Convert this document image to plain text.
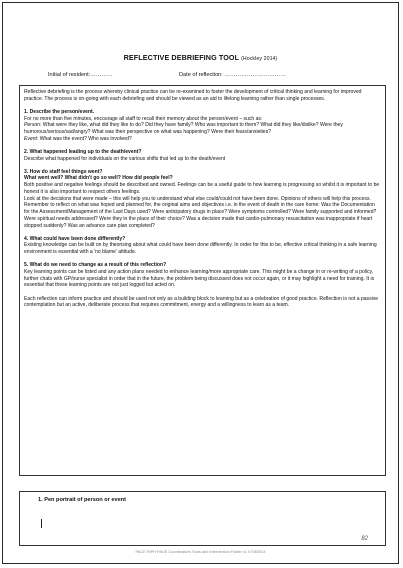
REFLECTIVE DEBRIEFING TOOL (Hockley 2014)
Initial of resident:…………	Date of reflection: ……………………………

Reflective debriefing is the process whereby clinical practice can be re-examined to foster the development of critical thinking and learning for improved practice. The process is on-going with each debriefing and should be viewed as an aid to lifelong learning rather than single processes.

1. Describe the person/event.
For no more than five minutes, encourage all staff to recall their memory about the person/event – such as:
Person: What were they like, what did they like to do? Did they have family? Who was important to them? What did they like/dislike? Were they humorous/serious/sad/angry? What was their perspective on what was happening? Were their fears/anxieties?
Event: What was the event? Who was involved?

2. What happened leading up to the death/event?
Describe what happened for individuals on the various shifts that led up to the death/event

3. How do staff feel things went?
What went well? What didn't go so well? How did people feel?
Both positive and negative feelings should be described and owned. Feelings can be a useful guide to how learning is progressing so whilst it is important to be honest it is also important to respect others feelings.
Look at the decisions that were made – this will help you to understand what else could/could not have been done. Opinions of others will help this process. Remember to reflect on what was hoped and planned for, the original aims and objectives i.e. in the event of death in the care home: Was the Documentation for the Assessment/Management of the Last Days used? Were anticipatory drugs in place? Were symptoms controlled? Were family supported and informed? Were spiritual needs addressed? Were they in the place of their choice? Was a decision made that cardio-pulmonary resuscitation was inappropriate if heart stopped suddenly? Was an advance care plan completed?

4. What could have been done differently?
Existing knowledge can be built on by theorising about what could have been done differently. In order for this to be, effective critical thinking in a safe learning environment is essential with a 'no blame' attitude.

5. What do we need to change as a result of this reflection?
Key learning points can be listed and any action plans needed to enhance learning/more appropriate care. This might be a change in or re-writing of a policy, further chats with GP/nurse specialist in order that in the future, the problem being discussed does not occur again, or it may highlight a need for training. It is essential that these learning points are not just logged but acted on.

Each reflection can inform practice and should be used not only as a building block to learning but as a celebration of good practice. Reflection is not a passive contemplation but an active, deliberate process that requires commitment, energy and a willingness to learn as a team.

1. Pen portrait of person or event
82
PACE RiPH PACE Coordinators Tools and Intervention Folder v1 07082013
